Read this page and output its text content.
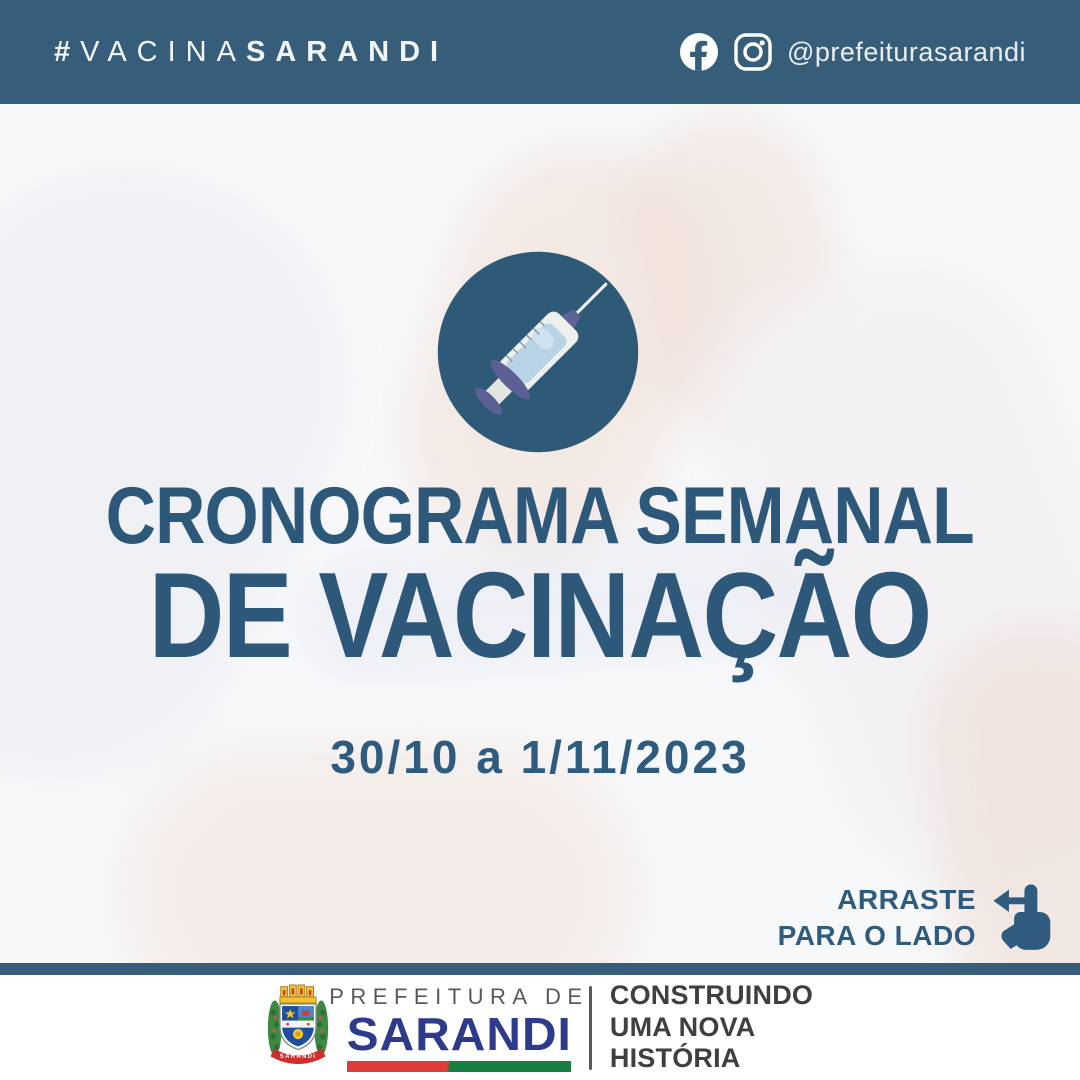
#VACINASARANDI	@prefeiturasarandi
CRONOGRAMA SEMANAL
DE VACINAÇÃO
30/10 a 1/11/2023
ARRASTE
PARA O LADO
SARANDI
PREFEITURA DE
SARANDI
CONSTRUINDO
UMA NOVA
HISTÓRIA
